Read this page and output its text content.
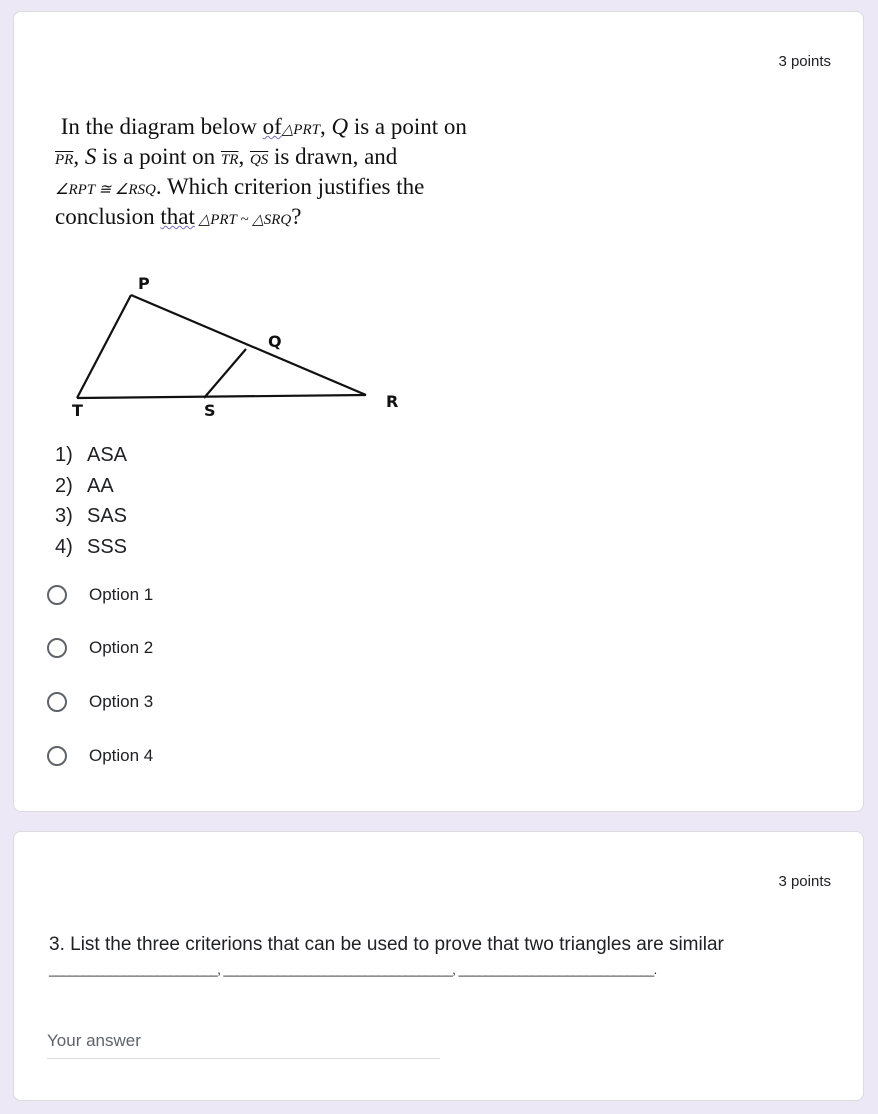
3 points
In the diagram below of△PRT, Q is a point on
$\overline{PR}$, S is a point on $\overline{TR}$, $\overline{QS}$ is drawn, and
∠RPT ≅ ∠RSQ. Which criterion justifies the
conclusion that △PRT ~ △SRQ?
P
Q
R
S
T
1) ASA
2) AA
3) SAS
4) SSS
Option 1
Option 2
Option 3
Option 4
3 points
3. List the three criterions that can be used to prove that two triangles are similar
_________________________, __________________________________, _____________________________.
Your answer
